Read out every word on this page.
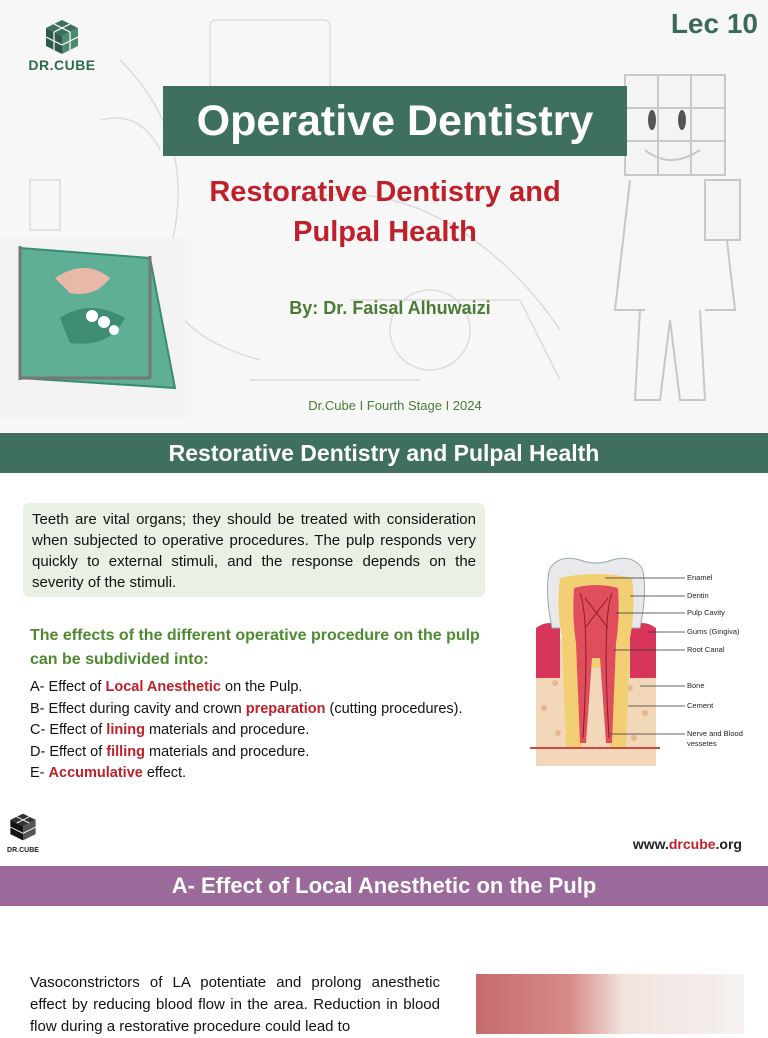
DR.CUBE
Lec 10
Operative Dentistry
Restorative Dentistry and Pulpal Health
By: Dr. Faisal Alhuwaizi
Dr.Cube I Fourth Stage I 2024
Restorative Dentistry and Pulpal Health
Teeth are vital organs; they should be treated with consideration when subjected to operative procedures. The pulp responds very quickly to external stimuli, and the response depends on the severity of the stimuli.
The effects of the different operative procedure on the pulp can be subdivided into:
A- Effect of Local Anesthetic on the Pulp.
B- Effect during cavity and crown preparation (cutting procedures).
C- Effect of lining materials and procedure.
D- Effect of filling materials and procedure.
E- Accumulative effect.
Enamel
Dentin
Pulp Cavity
Gums (Gingiva)
Root Canal
Bone
Cement
Nerve and Blood
vessetes
DR.CUBE	www.drcube.org
A- Effect of Local Anesthetic on the Pulp
Vasoconstrictors of LA potentiate and prolong anesthetic effect by reducing blood flow in the area. Reduction in blood flow during a restorative procedure could lead to
